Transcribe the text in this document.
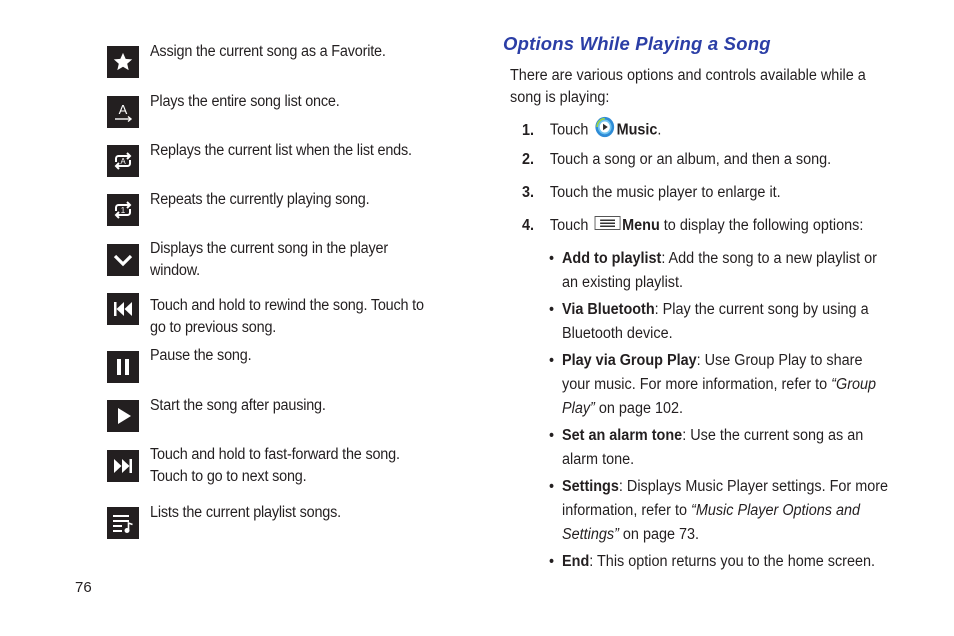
Assign the current song as a Favorite.
A Plays the entire song list once.
A
Replays the current list when the list ends.
1
Repeats the currently playing song.
Displays the current song in the player window.
Touch and hold to rewind the song. Touch to go to previous song.
Pause the song.
Start the song after pausing.
Touch and hold to fast-forward the song. Touch to go to next song.
Lists the current playlist songs.
Options While Playing a Song
There are various options and controls available while a song is playing:
1. Touch Music.
2. Touch a song or an album, and then a song.
3. Touch the music player to enlarge it.
4. Touch Menu to display the following options:
• Add to playlist: Add the song to a new playlist or an existing playlist.
• Via Bluetooth: Play the current song by using a Bluetooth device.
• Play via Group Play: Use Group Play to share your music. For more information, refer to “Group Play” on page 102.
• Set an alarm tone: Use the current song as an alarm tone.
• Settings: Displays Music Player settings. For more information, refer to “Music Player Options and Settings” on page 73.
• End: This option returns you to the home screen.
76
